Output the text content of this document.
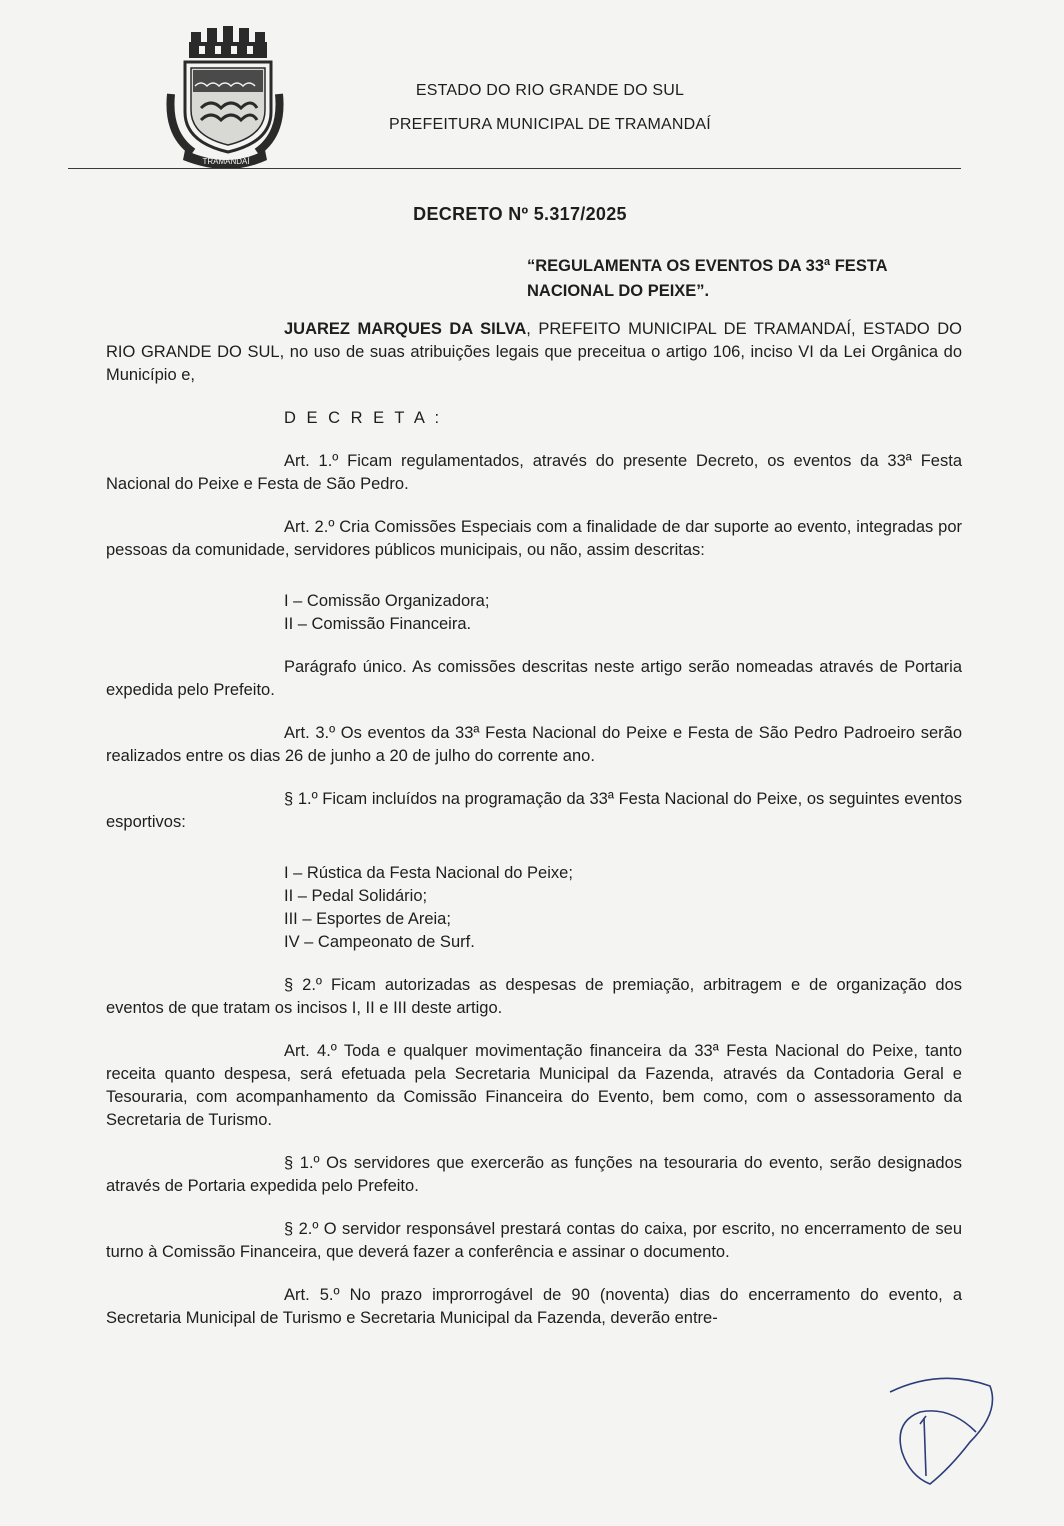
TRAMANDAÍ
ESTADO DO RIO GRANDE DO SUL
PREFEITURA MUNICIPAL DE TRAMANDAÍ
DECRETO Nº 5.317/2025
“REGULAMENTA OS EVENTOS DA 33ª FESTA NACIONAL DO PEIXE”.

JUAREZ MARQUES DA SILVA, PREFEITO MUNICIPAL DE TRAMANDAÍ, ESTADO DO RIO GRANDE DO SUL, no uso de suas atribuições legais que preceitua o artigo 106, inciso VI da Lei Orgânica do Município e,

D E C R E T A :

Art. 1.º Ficam regulamentados, através do presente Decreto, os eventos da 33ª Festa Nacional do Peixe e Festa de São Pedro.

Art. 2.º Cria Comissões Especiais com a finalidade de dar suporte ao evento, integradas por pessoas da comunidade, servidores públicos municipais, ou não, assim descritas:

I – Comissão Organizadora;

II – Comissão Financeira.

Parágrafo único. As comissões descritas neste artigo serão nomeadas através de Portaria expedida pelo Prefeito.

Art. 3.º Os eventos da 33ª Festa Nacional do Peixe e Festa de São Pedro Padroeiro serão realizados entre os dias 26 de junho a 20 de julho do corrente ano.

§ 1.º Ficam incluídos na programação da 33ª Festa Nacional do Peixe, os seguintes eventos esportivos:

I – Rústica da Festa Nacional do Peixe;

II – Pedal Solidário;

III – Esportes de Areia;

IV – Campeonato de Surf.

§ 2.º Ficam autorizadas as despesas de premiação, arbitragem e de organização dos eventos de que tratam os incisos I, II e III deste artigo.

Art. 4.º Toda e qualquer movimentação financeira da 33ª Festa Nacional do Peixe, tanto receita quanto despesa, será efetuada pela Secretaria Municipal da Fazenda, através da Contadoria Geral e Tesouraria, com acompanhamento da Comissão Financeira do Evento, bem como, com o assessoramento da Secretaria de Turismo.

§ 1.º Os servidores que exercerão as funções na tesouraria do evento, serão designados através de Portaria expedida pelo Prefeito.

§ 2.º O servidor responsável prestará contas do caixa, por escrito, no encerramento de seu turno à Comissão Financeira, que deverá fazer a conferência e assinar o documento.

Art. 5.º No prazo improrrogável de 90 (noventa) dias do encerramento do evento, a Secretaria Municipal de Turismo e Secretaria Municipal da Fazenda, deverão entre-
